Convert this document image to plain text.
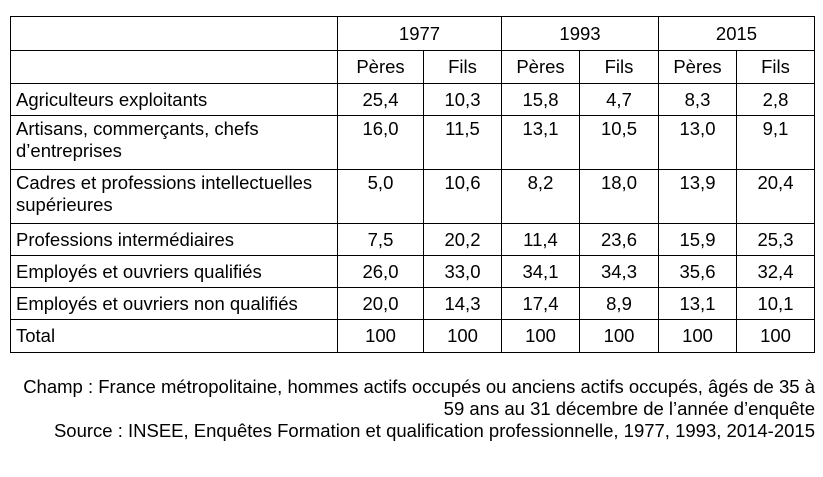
	1977		1993		2015	
	Pères	Fils	Pères	Fils	Pères	Fils
Agriculteurs exploitants	25,4	10,3	15,8	4,7	8,3	2,8
Artisans, commerçants, chefs d’entreprises	16,0	11,5	13,1	10,5	13,0	9,1
Cadres et professions intellectuelles supérieures	5,0	10,6	8,2	18,0	13,9	20,4
Professions intermédiaires	7,5	20,2	11,4	23,6	15,9	25,3
Employés et ouvriers qualifiés	26,0	33,0	34,1	34,3	35,6	32,4
Employés et ouvriers non qualifiés	20,0	14,3	17,4	8,9	13,1	10,1
Total	100	100	100	100	100	100
Champ : France métropolitaine, hommes actifs occupés ou anciens actifs occupés, âgés de 35 à 59 ans au 31 décembre de l’année d’enquête
Source : INSEE, Enquêtes Formation et qualification professionnelle, 1977, 1993, 2014-2015
